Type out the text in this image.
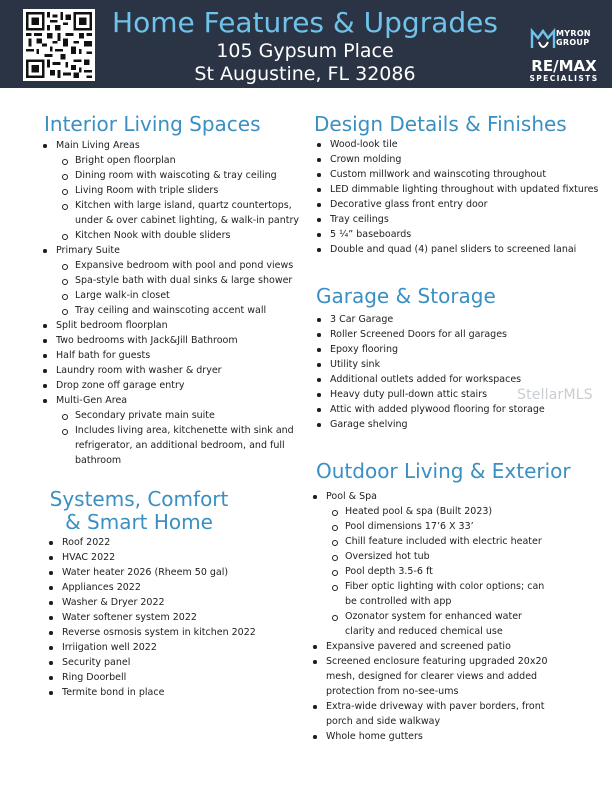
Home Features & Upgrades
105 Gypsum Place
St Augustine, FL 32086
MYRON
GROUP
RE/MAX
SPECIALISTS
Interior Living Spaces
Main Living Areas
Bright open floorplan
Dining room with waiscoting & tray ceiling
Living Room with triple sliders
Kitchen with large island, quartz countertops, under & over cabinet lighting, & walk-in pantry
Kitchen Nook with double sliders
Primary Suite
Expansive bedroom with pool and pond views
Spa-style bath with dual sinks & large shower
Large walk-in closet
Tray ceiling and wainscoting accent wall
Split bedroom floorplan
Two bedrooms with Jack&Jill Bathroom
Half bath for guests
Laundry room with washer & dryer
Drop zone off garage entry
Multi-Gen Area
Secondary private main suite
Includes living area, kitchenette with sink and refrigerator, an additional bedroom, and full bathroom
Systems, Comfort
& Smart Home
Roof 2022
HVAC 2022
Water heater 2026 (Rheem 50 gal)
Appliances 2022
Washer & Dryer 2022
Water softener system 2022
Reverse osmosis system in kitchen 2022
Irriigation well 2022
Security panel
Ring Doorbell
Termite bond in place
Design Details & Finishes
Wood-look tile
Crown molding
Custom millwork and wainscoting throughout
LED dimmable lighting throughout with updated fixtures
Decorative glass front entry door
Tray ceilings
5 ¼” baseboards
Double and quad (4) panel sliders to screened lanai
Garage & Storage
3 Car Garage
Roller Screened Doors for all garages
Epoxy flooring
Utility sink
Additional outlets added for workspaces
Heavy duty pull-down attic stairs
Attic with added plywood flooring for storage
Garage shelving
StellarMLS
Outdoor Living & Exterior
Pool & Spa
Heated pool & spa (Built 2023)
Pool dimensions 17’6 X 33’
Chill feature included with electric heater
Oversized hot tub
Pool depth 3.5-6 ft
Fiber optic lighting with color options; can be controlled with app
Ozonator system for enhanced water clarity and reduced chemical use
Expansive pavered and screened patio
Screened enclosure featuring upgraded 20x20 mesh, designed for clearer views and added protection from no-see-ums
Extra-wide driveway with paver borders, front porch and side walkway
Whole home gutters
